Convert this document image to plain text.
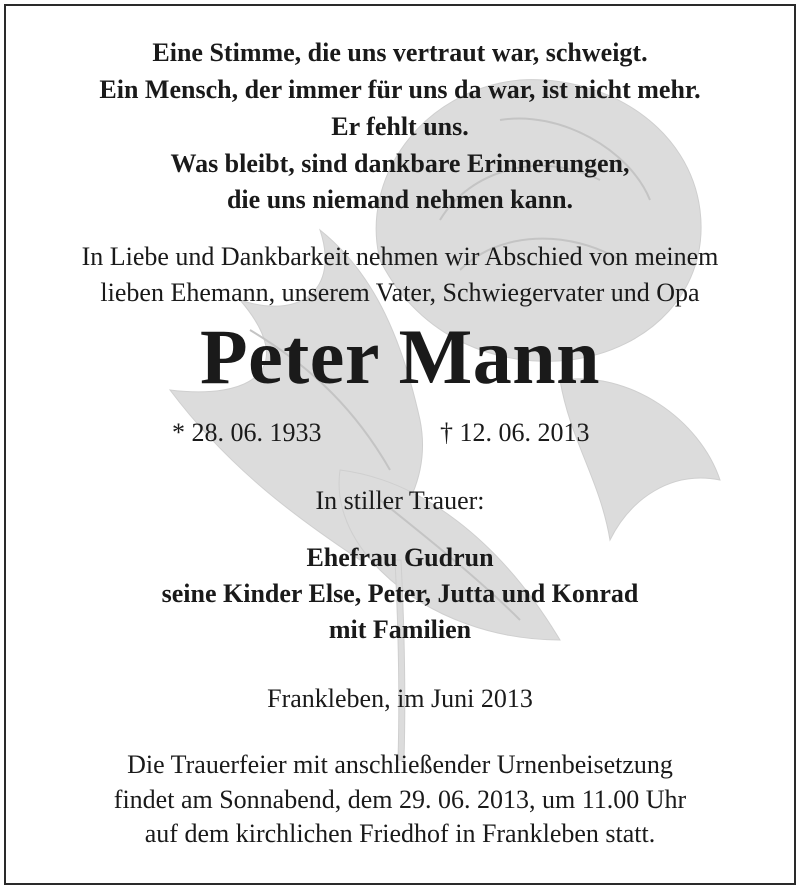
Eine Stimme, die uns vertraut war, schweigt.
Ein Mensch, der immer für uns da war, ist nicht mehr.
Er fehlt uns.
Was bleibt, sind dankbare Erinnerungen,
die uns niemand nehmen kann.
In Liebe und Dankbarkeit nehmen wir Abschied von meinem
lieben Ehemann, unserem Vater, Schwiegervater und Opa
Peter Mann
* 28. 06. 1933	† 12. 06. 2013
In stiller Trauer:
Ehefrau Gudrun
seine Kinder Else, Peter, Jutta und Konrad
mit Familien
Frankleben, im Juni 2013
Die Trauerfeier mit anschließender Urnenbeisetzung
findet am Sonnabend, dem 29. 06. 2013, um 11.00 Uhr
auf dem kirchlichen Friedhof in Frankleben statt.
